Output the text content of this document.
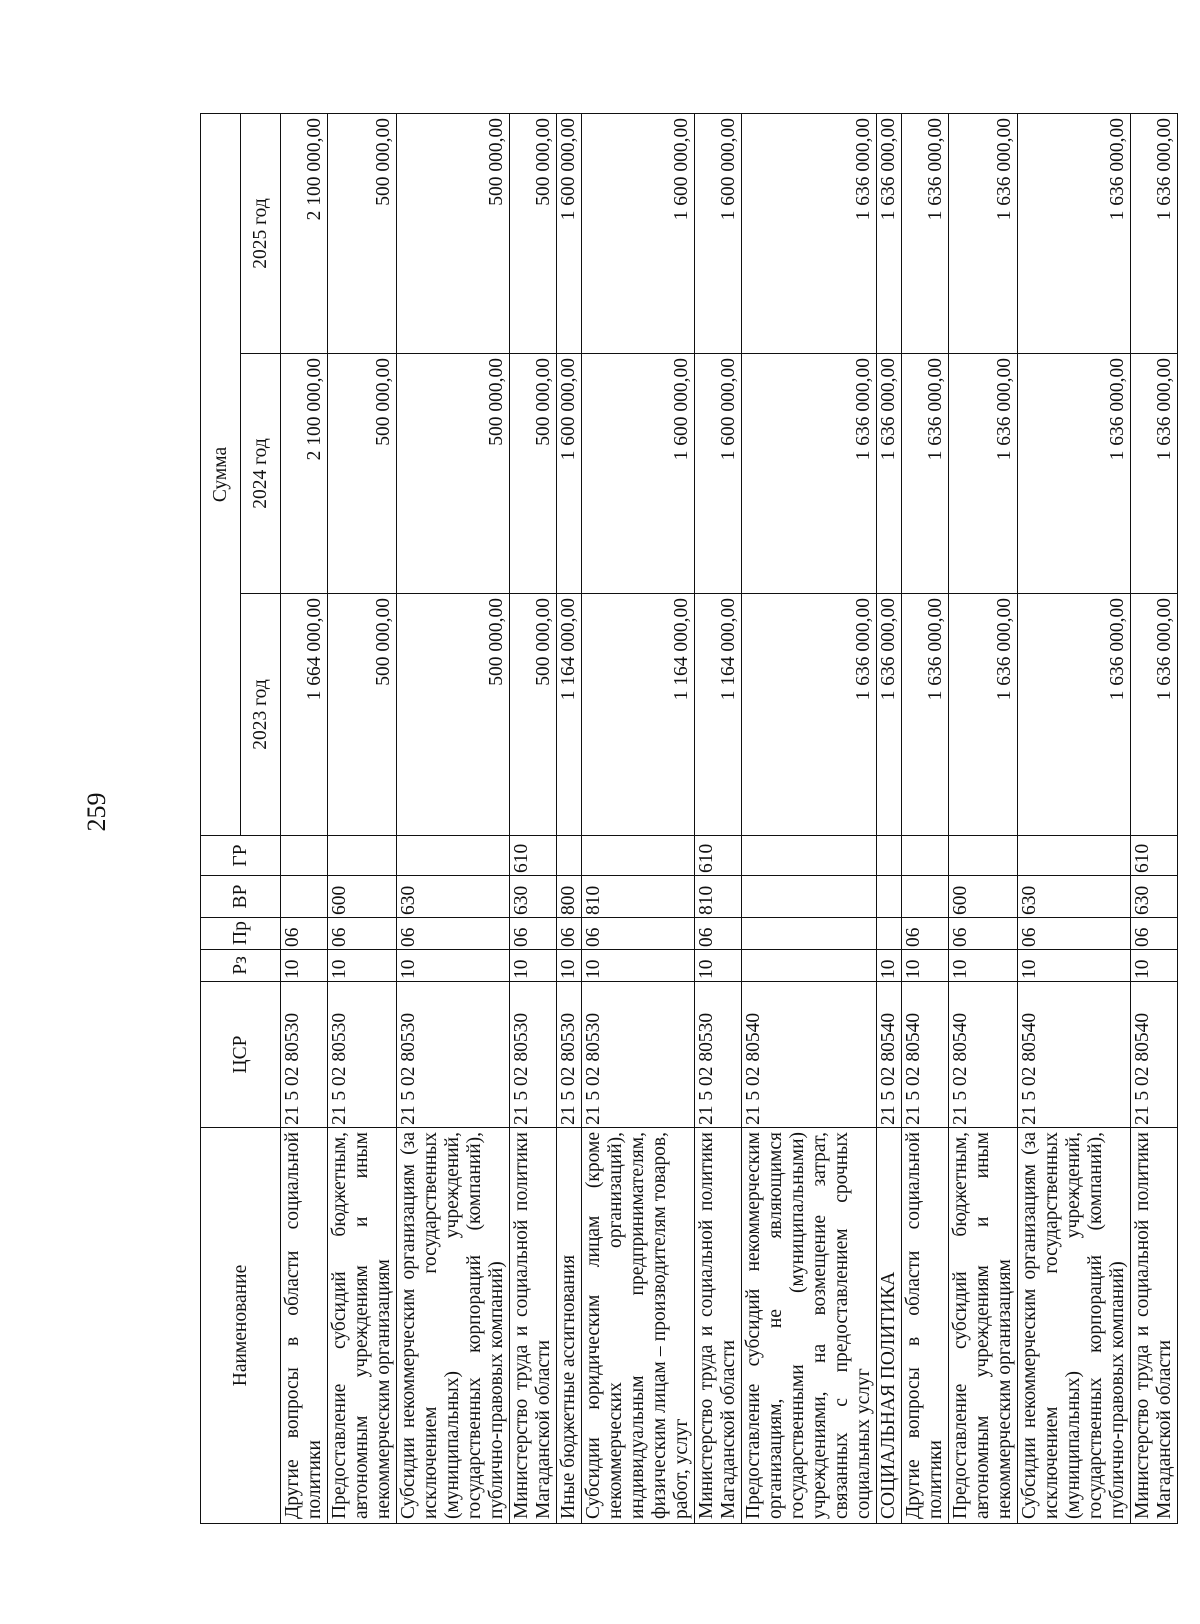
259
Наименование	ЦСР	Рз	Пр	ВР	ГР	Сумма		
						2023 год	2024 год	2025 год
Другие вопросы в области социальной политики	21 5 02 80530	10	06			1 664 000,00	2 100 000,00	2 100 000,00
Предоставление субсидий бюджетным, автономным учреждениям и иным некоммерческим организациям	21 5 02 80530	10	06	600		500 000,00	500 000,00	500 000,00
Субсидии некоммерческим организациям (за исключением государственных (муниципальных) учреждений, государственных корпораций (компаний), публично-правовых компаний)	21 5 02 80530	10	06	630		500 000,00	500 000,00	500 000,00
Министерство труда и социальной политики Магаданской области	21 5 02 80530	10	06	630	610	500 000,00	500 000,00	500 000,00
Иные бюджетные ассигнования	21 5 02 80530	10	06	800		1 164 000,00	1 600 000,00	1 600 000,00
Субсидии юридическим лицам (кроме некоммерческих организаций), индивидуальным предпринимателям, физическим лицам – производителям товаров, работ, услуг	21 5 02 80530	10	06	810		1 164 000,00	1 600 000,00	1 600 000,00
Министерство труда и социальной политики Магаданской области	21 5 02 80530	10	06	810	610	1 164 000,00	1 600 000,00	1 600 000,00
Предоставление субсидий некоммерческим организациям, не являющимся государственными (муниципальными) учреждениями, на возмещение затрат, связанных с предоставлением срочных социальных услуг	21 5 02 80540					1 636 000,00	1 636 000,00	1 636 000,00
СОЦИАЛЬНАЯ ПОЛИТИКА	21 5 02 80540	10				1 636 000,00	1 636 000,00	1 636 000,00
Другие вопросы в области социальной политики	21 5 02 80540	10	06			1 636 000,00	1 636 000,00	1 636 000,00
Предоставление субсидий бюджетным, автономным учреждениям и иным некоммерческим организациям	21 5 02 80540	10	06	600		1 636 000,00	1 636 000,00	1 636 000,00
Субсидии некоммерческим организациям (за исключением государственных (муниципальных) учреждений, государственных корпораций (компаний), публично-правовых компаний)	21 5 02 80540	10	06	630		1 636 000,00	1 636 000,00	1 636 000,00
Министерство труда и социальной политики Магаданской области	21 5 02 80540	10	06	630	610	1 636 000,00	1 636 000,00	1 636 000,00
